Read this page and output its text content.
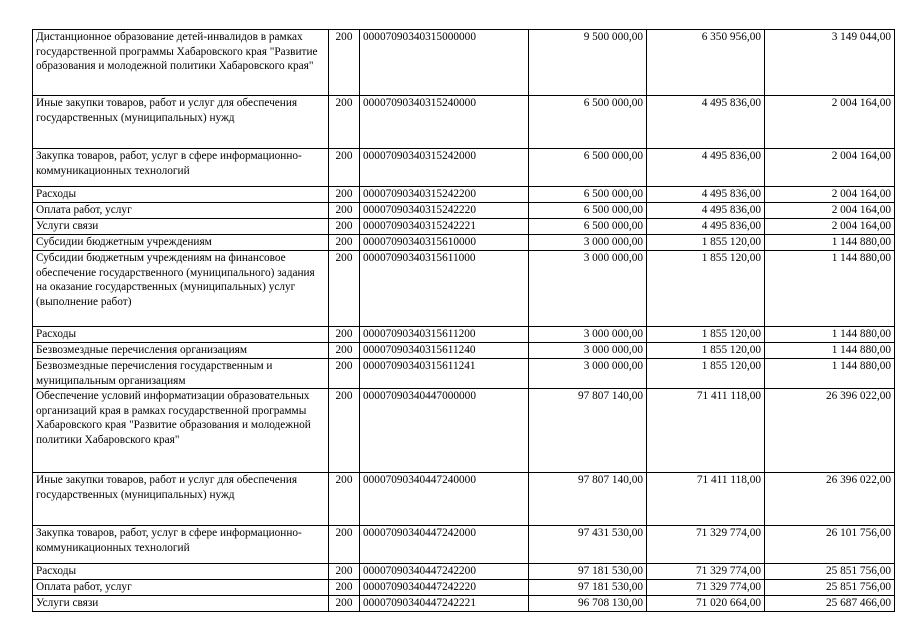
Дистанционное образование детей-инвалидов в рамках государственной программы Хабаровского края "Развитие образования и молодежной политики Хабаровского края"	200	00007090340315000000	9 500 000,00	6 350 956,00	3 149 044,00
Иные закупки товаров, работ и услуг для обеспечения государственных (муниципальных) нужд	200	00007090340315240000	6 500 000,00	4 495 836,00	2 004 164,00
Закупка товаров, работ, услуг в сфере информационно-коммуникационных технологий	200	00007090340315242000	6 500 000,00	4 495 836,00	2 004 164,00
Расходы	200	00007090340315242200	6 500 000,00	4 495 836,00	2 004 164,00
Оплата работ, услуг	200	00007090340315242220	6 500 000,00	4 495 836,00	2 004 164,00
Услуги связи	200	00007090340315242221	6 500 000,00	4 495 836,00	2 004 164,00
Субсидии бюджетным учреждениям	200	00007090340315610000	3 000 000,00	1 855 120,00	1 144 880,00
Субсидии бюджетным учреждениям на финансовое обеспечение государственного (муниципального) задания на оказание государственных (муниципальных) услуг (выполнение работ)	200	00007090340315611000	3 000 000,00	1 855 120,00	1 144 880,00
Расходы	200	00007090340315611200	3 000 000,00	1 855 120,00	1 144 880,00
Безвозмездные перечисления организациям	200	00007090340315611240	3 000 000,00	1 855 120,00	1 144 880,00
Безвозмездные перечисления государственным и муниципальным организациям	200	00007090340315611241	3 000 000,00	1 855 120,00	1 144 880,00
Обеспечение условий информатизации образовательных организаций края в рамках государственной программы Хабаровского края "Развитие образования и молодежной политики Хабаровского края"	200	00007090340447000000	97 807 140,00	71 411 118,00	26 396 022,00
Иные закупки товаров, работ и услуг для обеспечения государственных (муниципальных) нужд	200	00007090340447240000	97 807 140,00	71 411 118,00	26 396 022,00
Закупка товаров, работ, услуг в сфере информационно-коммуникационных технологий	200	00007090340447242000	97 431 530,00	71 329 774,00	26 101 756,00
Расходы	200	00007090340447242200	97 181 530,00	71 329 774,00	25 851 756,00
Оплата работ, услуг	200	00007090340447242220	97 181 530,00	71 329 774,00	25 851 756,00
Услуги связи	200	00007090340447242221	96 708 130,00	71 020 664,00	25 687 466,00
